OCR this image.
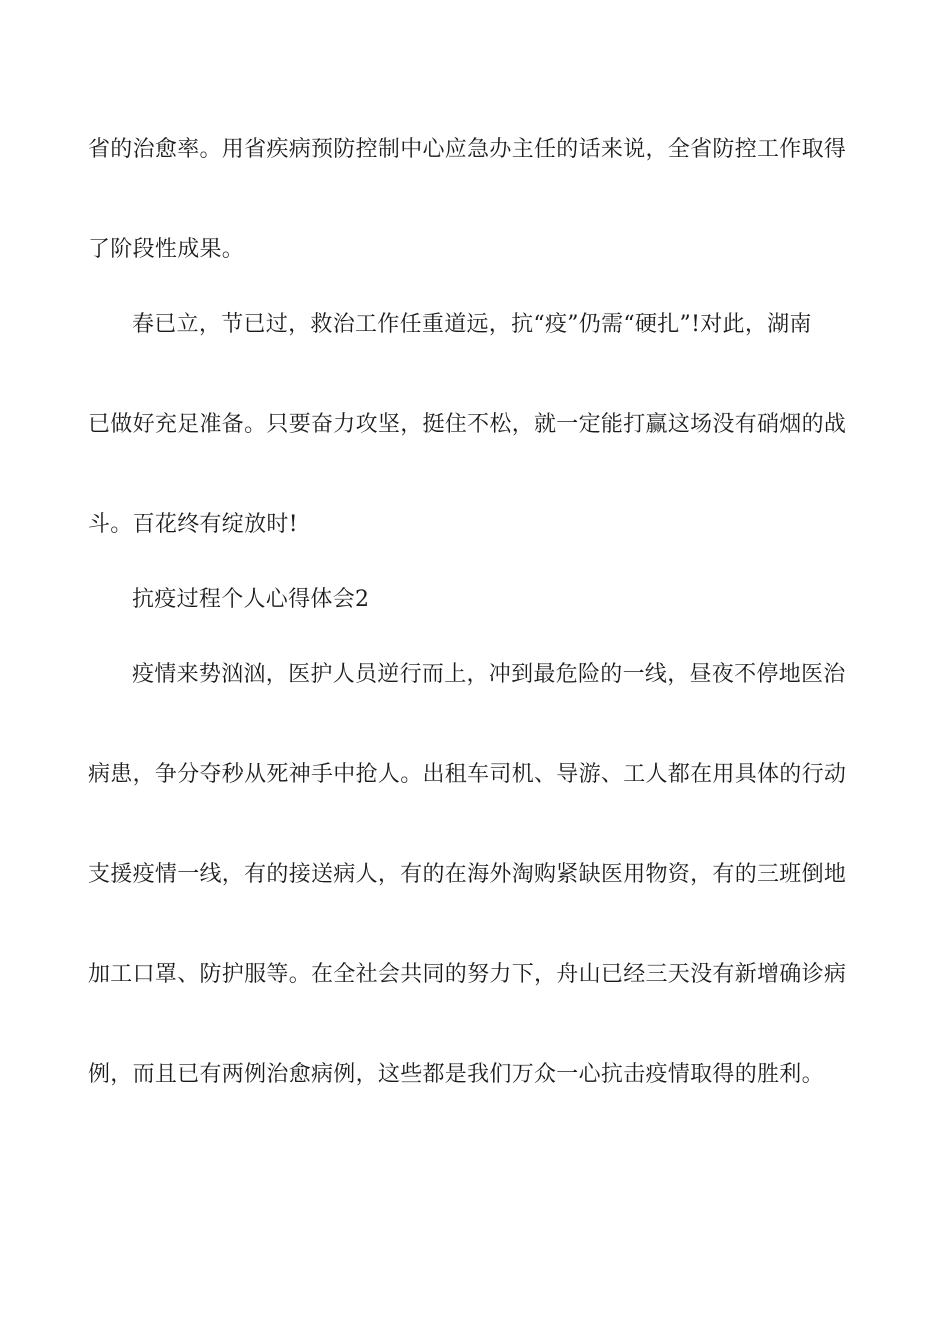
省的治愈率。用省疾病预防控制中心应急办主任的话来说，全省防控工作取得
了阶段性成果。
春已立，节已过，救治工作任重道远，抗“疫”仍需“硬扎”!对此，湖南
已做好充足准备。只要奋力攻坚，挺住不松，就一定能打赢这场没有硝烟的战
斗。百花终有绽放时!
抗疫过程个人心得体会2
疫情来势汹汹，医护人员逆行而上，冲到最危险的一线，昼夜不停地医治
病患，争分夺秒从死神手中抢人。出租车司机、导游、工人都在用具体的行动
支援疫情一线，有的接送病人，有的在海外淘购紧缺医用物资，有的三班倒地
加工口罩、防护服等。在全社会共同的努力下，舟山已经三天没有新增确诊病
例，而且已有两例治愈病例，这些都是我们万众一心抗击疫情取得的胜利。
